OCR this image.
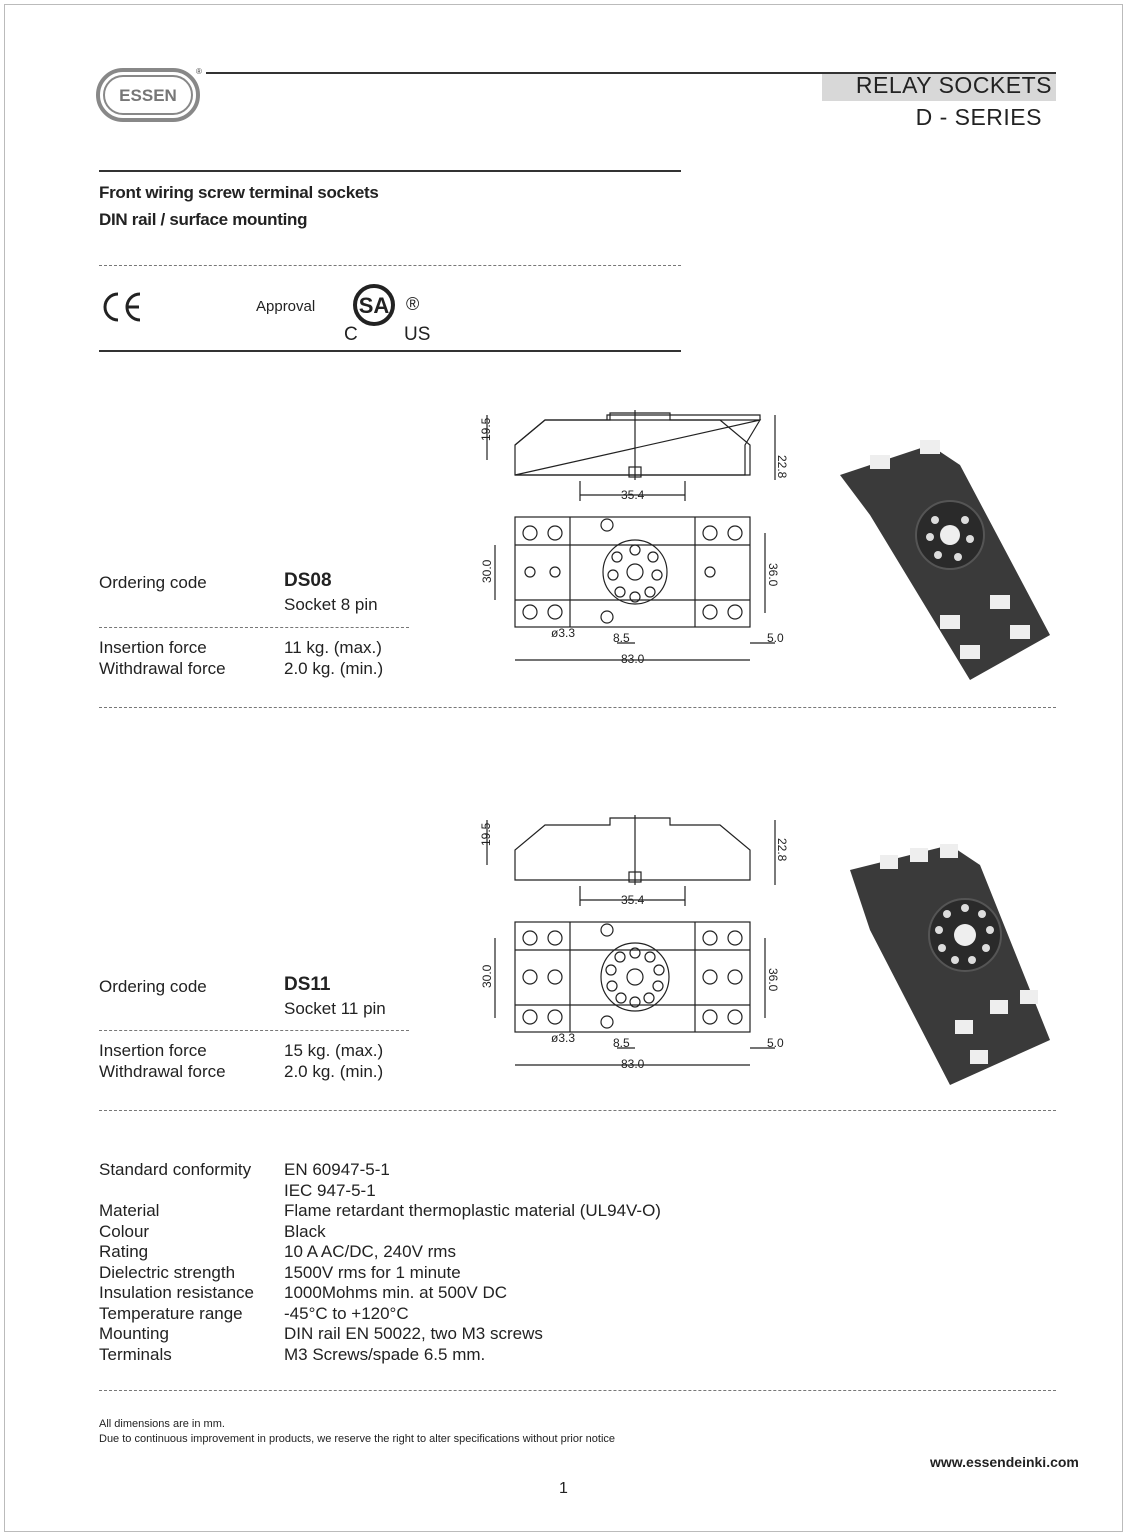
ESSEN
®
RELAY SOCKETS
D - SERIES
Front wiring screw terminal sockets
DIN rail / surface mounting
Approval SA ®
C US
Ordering code	DS08
Socket 8 pin
Insertion force	11 kg. (max.)
Withdrawal force	2.0 kg. (min.)
19.5
22.8
35.4
30.0	36.0
ø3.3	8.5	5.0
83.0
Ordering code	DS11
Socket 11 pin
Insertion force	15 kg. (max.)
Withdrawal force	2.0 kg. (min.)
19.5
22.8
35.4
30.0	36.0
ø3.3	8.5	5.0
83.0
Standard conformity	EN 60947-5-1
	IEC 947-5-1
Material	Flame retardant thermoplastic material (UL94V-O)
Colour	Black
Rating	10 A AC/DC, 240V rms
Dielectric strength	1500V rms for 1 minute
Insulation resistance	1000Mohms min. at 500V DC
Temperature range	-45°C to +120°C
Mounting	DIN rail EN 50022, two M3 screws
Terminals	M3 Screws/spade 6.5 mm.
All dimensions are in mm.
Due to continuous improvement in products, we reserve the right to alter specifications without prior notice
www.essendeinki.com
1
